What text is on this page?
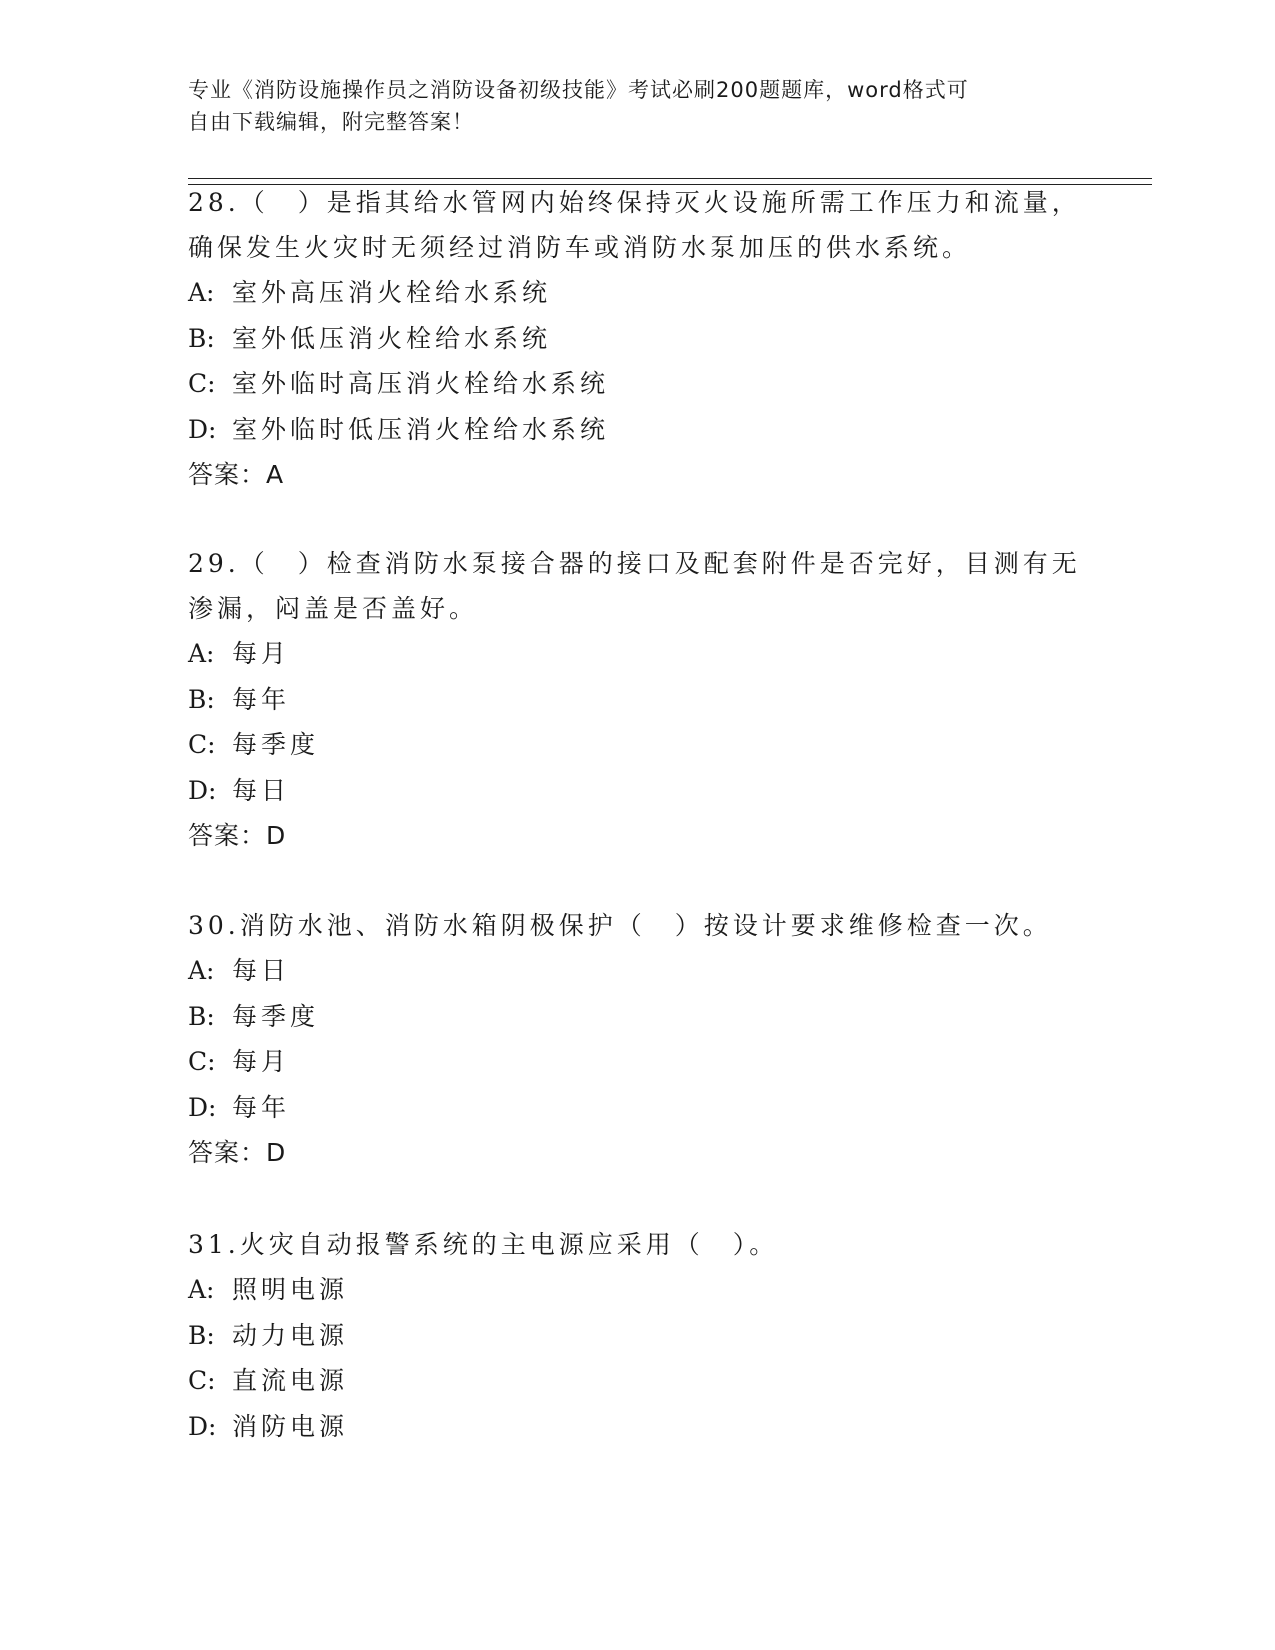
专业《消防设施操作员之消防设备初级技能》考试必刷200题题库，word格式可
自由下载编辑，附完整答案！
28.（　）是指其给水管网内始终保持灭火设施所需工作压力和流量，确保发生火灾时无须经过消防车或消防水泵加压的供水系统。
A: 室外高压消火栓给水系统
B: 室外低压消火栓给水系统
C: 室外临时高压消火栓给水系统
D: 室外临时低压消火栓给水系统
答案：A
29.（　）检查消防水泵接合器的接口及配套附件是否完好，目测有无渗漏，闷盖是否盖好。
A: 每月
B: 每年
C: 每季度
D: 每日
答案：D
30.消防水池、消防水箱阴极保护（　）按设计要求维修检查一次。
A: 每日
B: 每季度
C: 每月
D: 每年
答案：D
31.火灾自动报警系统的主电源应采用（　）。
A: 照明电源
B: 动力电源
C: 直流电源
D: 消防电源
